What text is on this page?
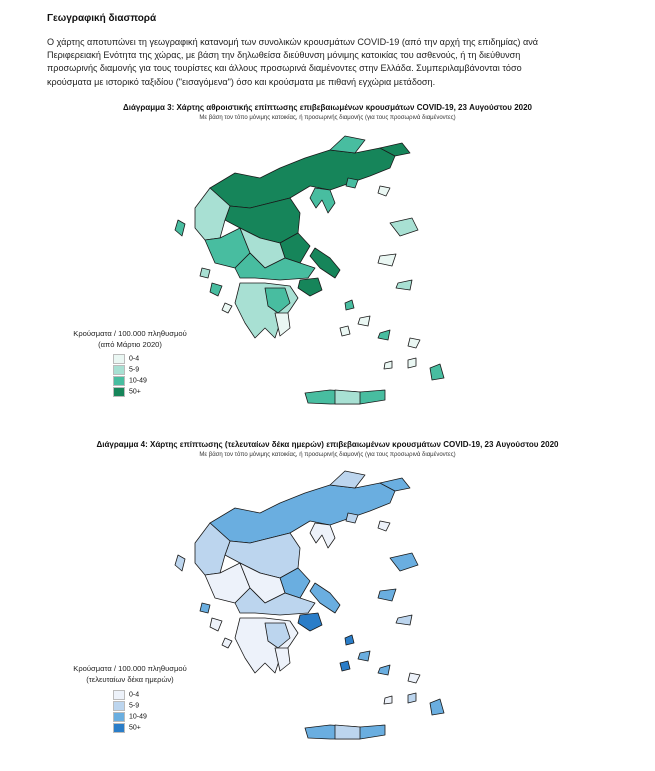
Γεωγραφική διασπορά
Ο χάρτης αποτυπώνει τη γεωγραφική κατανομή των συνολικών κρουσμάτων COVID-19 (από την αρχή της επιδημίας) ανά
Περιφερειακή Ενότητα της χώρας, με βάση την δηλωθείσα διεύθυνση μόνιμης κατοικίας του ασθενούς, ή τη διεύθυνση
προσωρινής διαμονής για τους τουρίστες και άλλους προσωρινά διαμένοντες στην Ελλάδα. Συμπεριλαμβάνονται τόσο
κρούσματα με ιστορικό ταξιδίου ("εισαγόμενα") όσο και κρούσματα με πιθανή εγχώρια μετάδοση.
Διάγραμμα 3: Χάρτης αθροιστικής επίπτωσης επιβεβαιωμένων κρουσμάτων COVID-19, 23 Αυγούστου 2020
Με βάση τον τόπο μόνιμης κατοικίας, ή προσωρινής διαμονής (για τους προσωρινά διαμένοντες)
Κρούσματα / 100.000 πληθυσμού
(από Μάρτιο 2020)
0-4
5-9
10-49
50+
Διάγραμμα 4: Χάρτης επίπτωσης (τελευταίων δέκα ημερών) επιβεβαιωμένων κρουσμάτων COVID-19, 23 Αυγούστου 2020
Με βάση τον τόπο μόνιμης κατοικίας, ή προσωρινής διαμονής (για τους προσωρινά διαμένοντες)
Κρούσματα / 100.000 πληθυσμού
(τελευταίων δέκα ημερών)
0-4
5-9
10-49
50+
